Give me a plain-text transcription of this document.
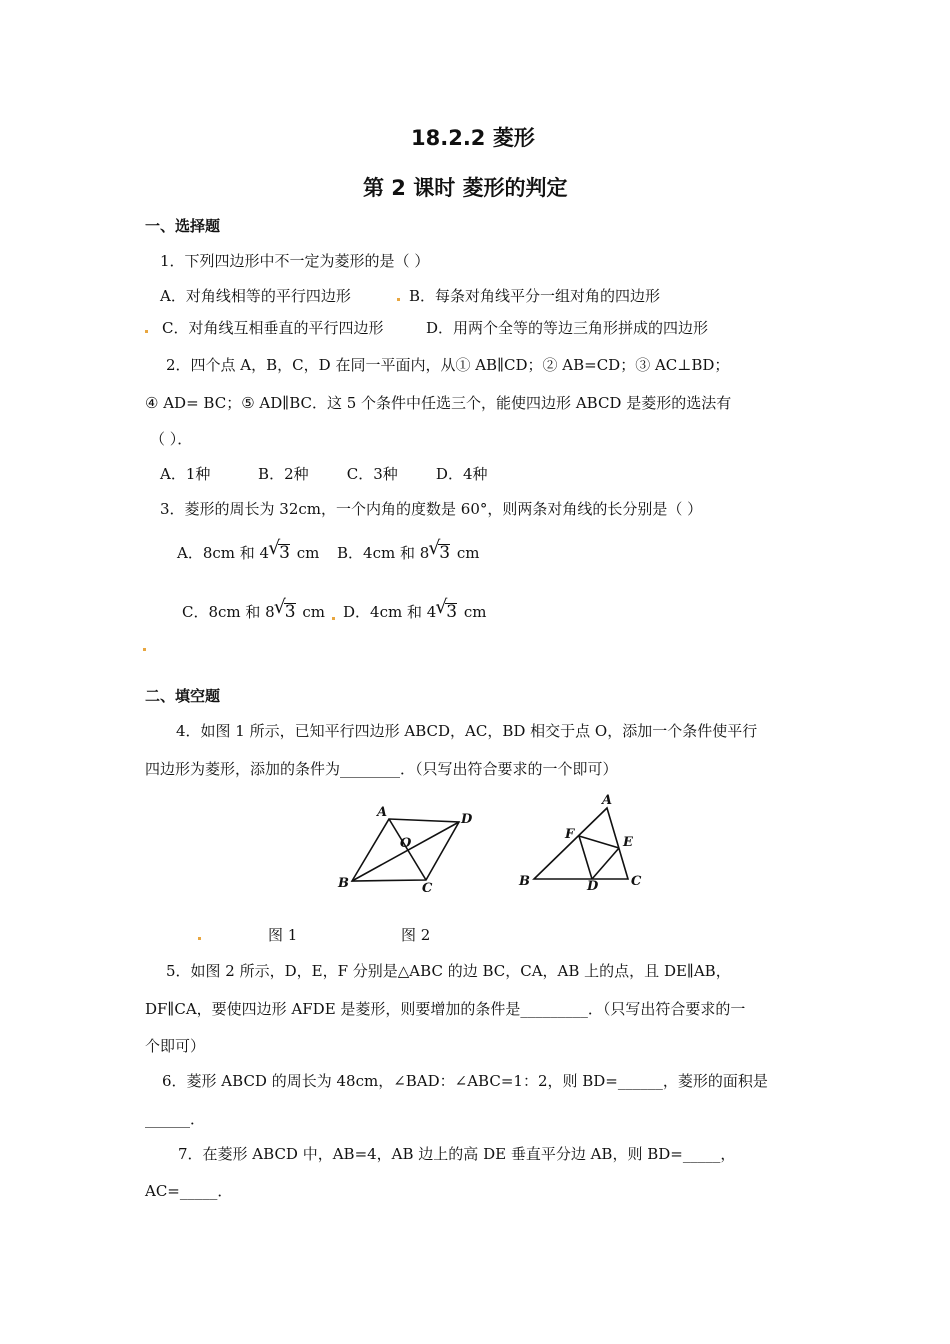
18.2.2 菱形
第 2 课时 菱形的判定
一、选择题
1．下列四边形中不一定为菱形的是（ ）
A．对角线相等的平行四边形	B．每条对角线平分一组对角的四边形
C．对角线互相垂直的平行四边形	D．用两个全等的等边三角形拼成的四边形
2．四个点 A，B，C，D 在同一平面内，从① AB∥CD；② AB=CD；③ AC⊥BD；
④ AD= BC；⑤ AD∥BC．这 5 个条件中任选三个，能使四边形 ABCD 是菱形的选法有
（ ）．
A．1种          B．2种        C．3种        D．4种
3．菱形的周长为 32cm，一个内角的度数是 60°，则两条对角线的长分别是（ ）
A．8cm 和 4 √
3 cm B．4cm 和 8 √
3 cm
C．8cm 和 8 √
3 cm D．4cm 和 4 √
3 cm
二、填空题
4．如图 1 所示，已知平行四边形 ABCD，AC，BD 相交于点 O，添加一个条件使平行
四边形为菱形，添加的条件为________．（只写出符合要求的一个即可）
A	D
O
B	C
A
F
E
B	D	C
图 1	图 2
5．如图 2 所示，D，E，F 分别是△ABC 的边 BC，CA，AB 上的点，且 DE∥AB，
DF∥CA，要使四边形 AFDE 是菱形，则要增加的条件是_________．（只写出符合要求的一
个即可）
6．菱形 ABCD 的周长为 48cm，∠BAD：∠ABC=1：2，则 BD=______，菱形的面积是
______．
7．在菱形 ABCD 中，AB=4，AB 边上的高 DE 垂直平分边 AB，则 BD=_____，
AC=_____．
